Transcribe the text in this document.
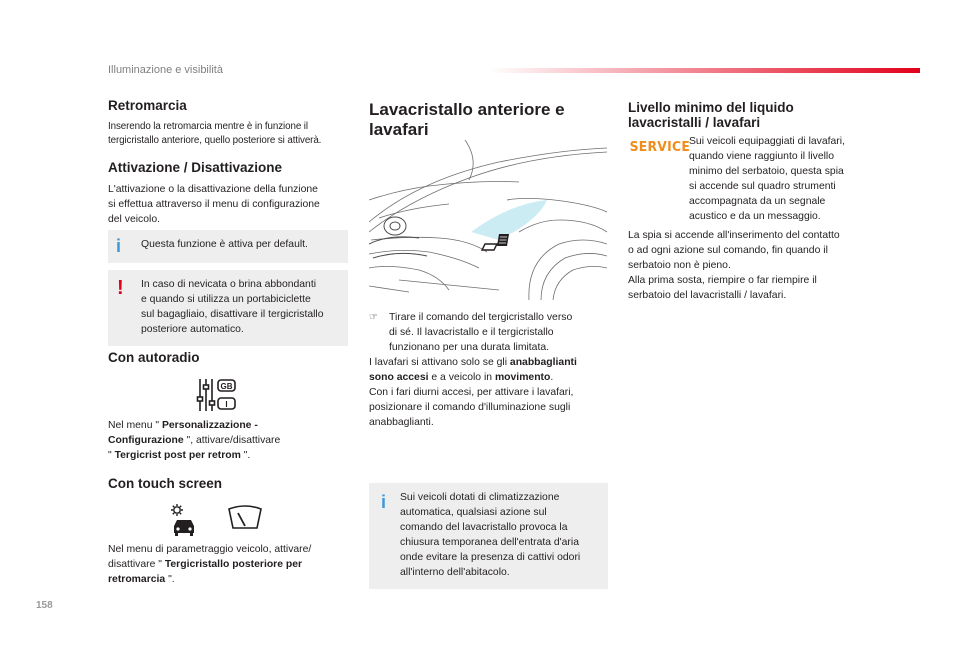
Illuminazione e visibilità
Retromarcia
Inserendo la retromarcia mentre è in funzione il
tergicristallo anteriore, quello posteriore si attiverà.
Attivazione / Disattivazione
L'attivazione o la disattivazione della funzione
si effettua attraverso il menu di configurazione
del veicolo.
i Questa funzione è attiva per default.
! In caso di nevicata o brina abbondanti
e quando si utilizza un portabiciclette
sul bagagliaio, disattivare il tergicristallo
posteriore automatico.
Con autoradio
GB
I
Nel menu " Personalizzazione -
Configurazione ", attivare/disattivare
" Tergicrist post per retrom ".
Con touch screen
Nel menu di parametraggio veicolo, attivare/
disattivare " Tergicristallo posteriore per
retromarcia ".
Lavacristallo anteriore e
lavafari
☞	Tirare il comando del tergicristallo verso
di sé. Il lavacristallo e il tergicristallo
funzionano per una durata limitata.
I lavafari si attivano solo se gli anabbaglianti
sono accesi e a veicolo in movimento.
Con i fari diurni accesi, per attivare i lavafari,
posizionare il comando d'illuminazione sugli
anabbaglianti.
i Sui veicoli dotati di climatizzazione
automatica, qualsiasi azione sul
comando del lavacristallo provoca la
chiusura temporanea dell'entrata d'aria
onde evitare la presenza di cattivi odori
all'interno dell'abitacolo.
Livello minimo del liquido
lavacristalli / lavafari
SERVICE
Sui veicoli equipaggiati di lavafari,
quando viene raggiunto il livello
minimo del serbatoio, questa spia
si accende sul quadro strumenti
accompagnata da un segnale
acustico e da un messaggio.
La spia si accende all'inserimento del contatto
o ad ogni azione sul comando, fin quando il
serbatoio non è pieno.
Alla prima sosta, riempire o far riempire il
serbatoio del lavacristalli / lavafari.
158
